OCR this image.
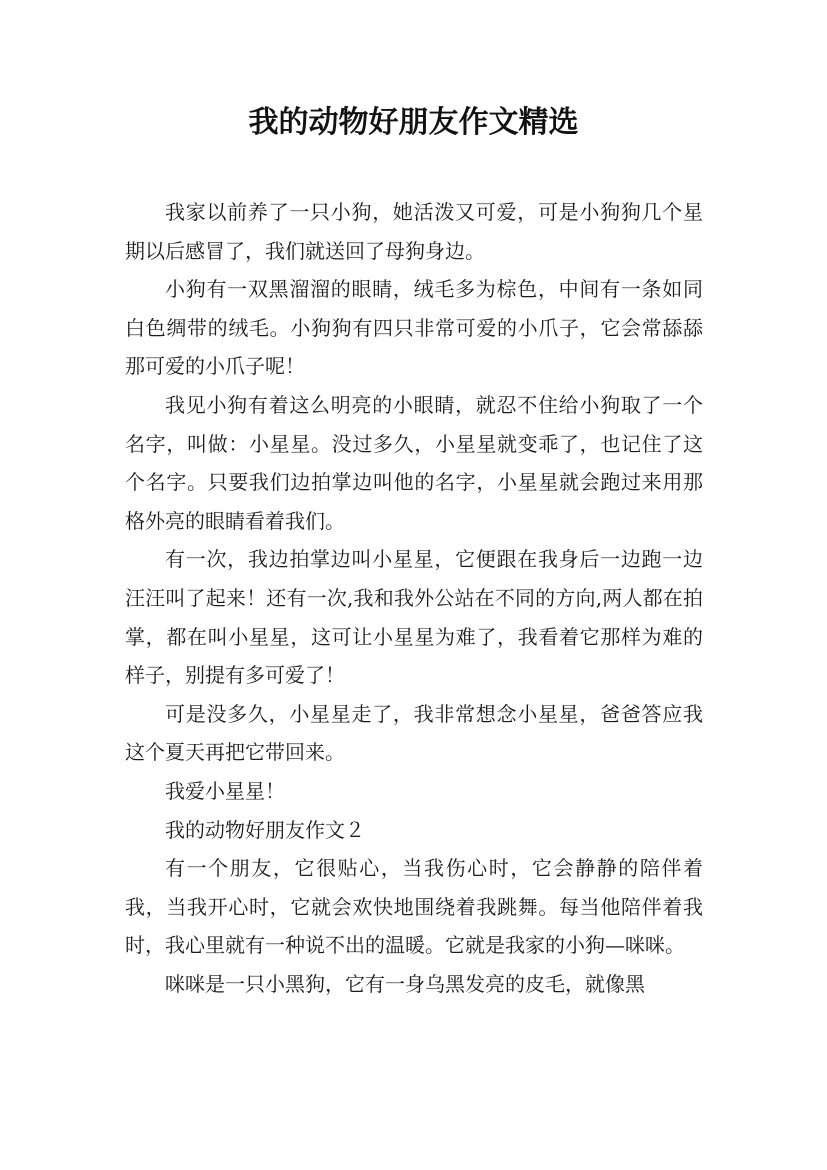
我的动物好朋友作文精选

我家以前养了一只小狗，她活泼又可爱，可是小狗狗几个星期以后感冒了，我们就送回了母狗身边。

小狗有一双黑溜溜的眼睛，绒毛多为棕色，中间有一条如同白色绸带的绒毛。小狗狗有四只非常可爱的小爪子，它会常舔舔那可爱的小爪子呢！

我见小狗有着这么明亮的小眼睛，就忍不住给小狗取了一个名字，叫做：小星星。没过多久，小星星就变乖了，也记住了这个名字。只要我们边拍掌边叫他的名字，小星星就会跑过来用那格外亮的眼睛看着我们。

有一次，我边拍掌边叫小星星，它便跟在我身后一边跑一边汪汪叫了起来！还有一次,我和我外公站在不同的方向,两人都在拍掌，都在叫小星星，这可让小星星为难了，我看着它那样为难的样子，别提有多可爱了！

可是没多久，小星星走了，我非常想念小星星，爸爸答应我这个夏天再把它带回来。

我爱小星星！

我的动物好朋友作文２

有一个朋友，它很贴心，当我伤心时，它会静静的陪伴着我，当我开心时，它就会欢快地围绕着我跳舞。每当他陪伴着我时，我心里就有一种说不出的温暖。它就是我家的小狗—咪咪。

咪咪是一只小黑狗，它有一身乌黑发亮的皮毛，就像黑
